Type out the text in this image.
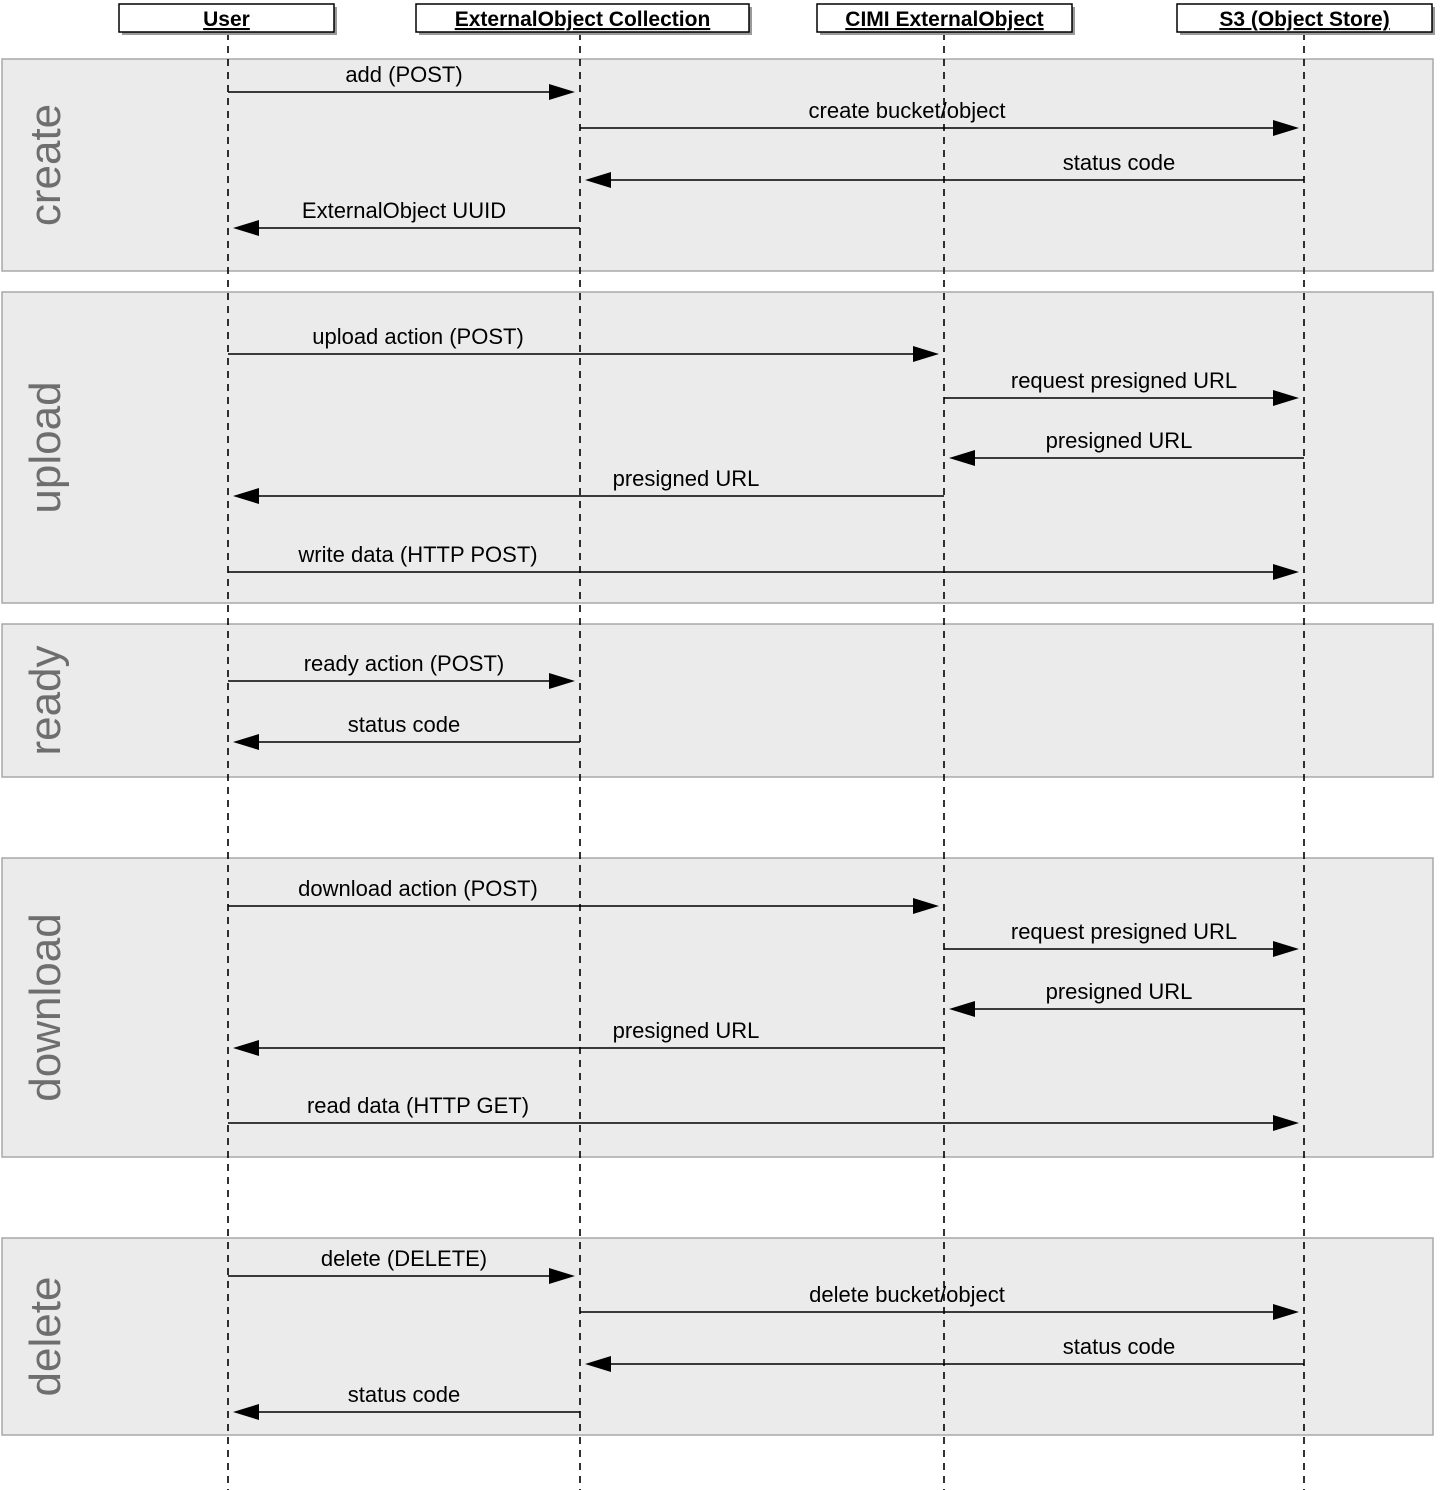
create
upload
ready
download
delete
User	ExternalObject Collection	CIMI ExternalObject	S3 (Object Store)
add (POST)
create bucket/object
status code
ExternalObject UUID
upload action (POST)
request presigned URL
presigned URL
presigned URL
write data (HTTP POST)
ready action (POST)
status code
download action (POST)
request presigned URL
presigned URL
presigned URL
read data (HTTP GET)
delete (DELETE)
delete bucket/object
status code
status code
